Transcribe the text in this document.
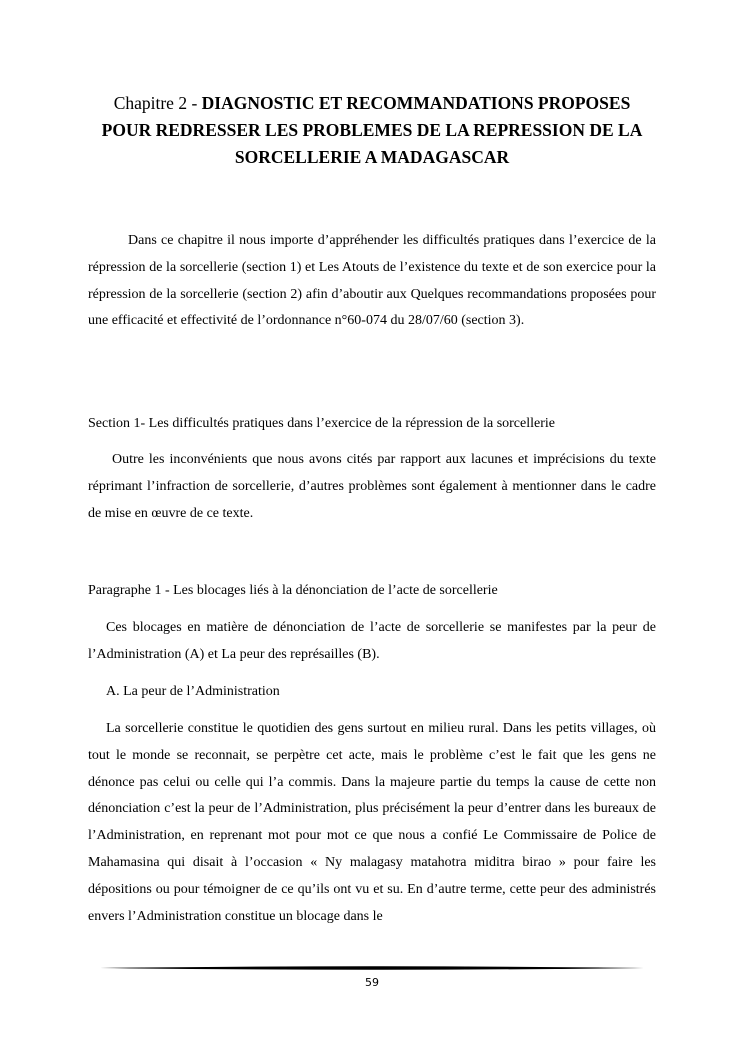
Chapitre 2 - DIAGNOSTIC ET RECOMMANDATIONS PROPOSES POUR REDRESSER LES PROBLEMES DE LA REPRESSION DE LA SORCELLERIE A MADAGASCAR

Dans ce chapitre il nous importe d’appréhender les difficultés pratiques dans l’exercice de la répression de la sorcellerie (section 1) et Les Atouts de l’existence du texte et de son exercice pour la répression de la sorcellerie (section 2) afin d’aboutir aux Quelques recommandations proposées pour une efficacité et effectivité de l’ordonnance n°60-074 du 28/07/60 (section 3).

Section 1- Les difficultés pratiques dans l’exercice de la répression de la sorcellerie

Outre les inconvénients que nous avons cités par rapport aux lacunes et imprécisions du texte réprimant l’infraction de sorcellerie, d’autres problèmes sont également à mentionner dans le cadre de mise en œuvre de ce texte.

Paragraphe 1 - Les blocages liés à la dénonciation de l’acte de sorcellerie

Ces blocages en matière de dénonciation de l’acte de sorcellerie se manifestes par la peur de l’Administration (A) et La peur des représailles (B).

A. La peur de l’Administration

La sorcellerie constitue le quotidien des gens surtout en milieu rural. Dans les petits villages, où tout le monde se reconnait, se perpètre cet acte, mais le problème c’est le fait que les gens ne dénonce pas celui ou celle qui l’a commis. Dans la majeure partie du temps la cause de cette non dénonciation c’est la peur de l’Administration, plus précisément la peur d’entrer dans les bureaux de l’Administration, en reprenant mot pour mot ce que nous a confié Le Commissaire de Police de Mahamasina qui disait à l’occasion « Ny malagasy matahotra miditra birao » pour faire les dépositions ou pour témoigner de ce qu’ils ont vu et su. En d’autre terme, cette peur des administrés envers l’Administration constitue un blocage dans le

59
